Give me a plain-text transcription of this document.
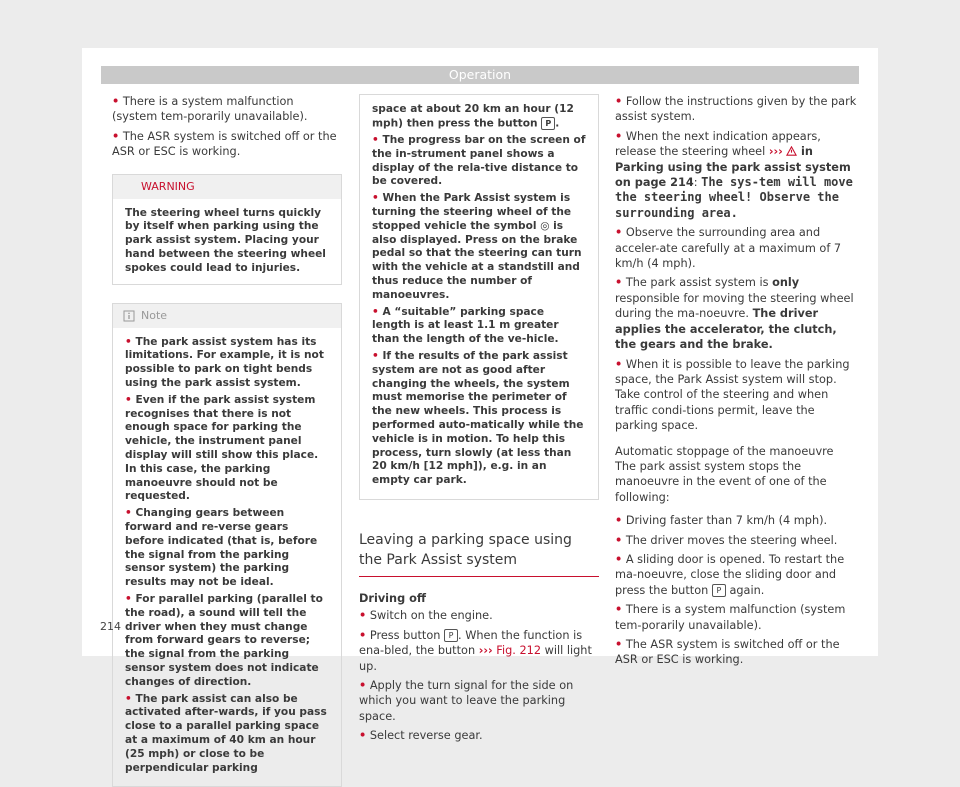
Operation
• There is a system malfunction (system tem-porarily unavailable).
• The ASR system is switched off or the ASR or ESC is working.
WARNING
The steering wheel turns quickly by itself when parking using the park assist system. Placing your hand between the steering wheel spokes could lead to injuries.
Note
• The park assist system has its limitations. For example, it is not possible to park on tight bends using the park assist system.
• Even if the park assist system recognises that there is not enough space for parking the vehicle, the instrument panel display will still show this place. In this case, the parking manoeuvre should not be requested.
• Changing gears between forward and re-verse gears before indicated (that is, before the signal from the parking sensor system) the parking results may not be ideal.
• For parallel parking (parallel to the road), a sound will tell the driver when they must change from forward gears to reverse; the signal from the parking sensor system does not indicate changes of direction.
• The park assist can also be activated after-wards, if you pass close to a parallel parking space at a maximum of 40 km an hour (25 mph) or close to be perpendicular parking
space at about 20 km an hour (12 mph) then press the button P .
• The progress bar on the screen of the in-strument panel shows a display of the rela-tive distance to be covered.
• When the Park Assist system is turning the steering wheel of the stopped vehicle the symbol ◎ is also displayed. Press on the brake pedal so that the steering can turn with the vehicle at a standstill and thus reduce the number of manoeuvres.
• A “suitable” parking space length is at least 1.1 m greater than the length of the ve-hicle.
• If the results of the park assist system are not as good after changing the wheels, the system must memorise the perimeter of the new wheels. This process is performed auto-matically while the vehicle is in motion. To help this process, turn slowly (at less than 20 km/h [12 mph]), e.g. in an empty car park.
Leaving a parking space using the Park Assist system
Driving off
• Switch on the engine.
• Press button P . When the function is ena-bled, the button ››› Fig. 212 will light up.
• Apply the turn signal for the side on which you want to leave the parking space.
• Select reverse gear.
• Follow the instructions given by the park assist system.
• When the next indication appears, release the steering wheel ››› in Parking using the park assist system on page 214: The sys-tem will move the steering wheel! Observe the surrounding area.
• Observe the surrounding area and acceler-ate carefully at a maximum of 7 km/h (4 mph).
• The park assist system is only responsible for moving the steering wheel during the ma-noeuvre. The driver applies the accelerator, the clutch, the gears and the brake.
• When it is possible to leave the parking space, the Park Assist system will stop. Take control of the steering and when traffic condi-tions permit, leave the parking space.
Automatic stoppage of the manoeuvre
The park assist system stops the manoeuvre in the event of one of the following:
• Driving faster than 7 km/h (4 mph).
• The driver moves the steering wheel.
• A sliding door is opened. To restart the ma-noeuvre, close the sliding door and press the button P again.
• There is a system malfunction (system tem-porarily unavailable).
• The ASR system is switched off or the ASR or ESC is working.
214
